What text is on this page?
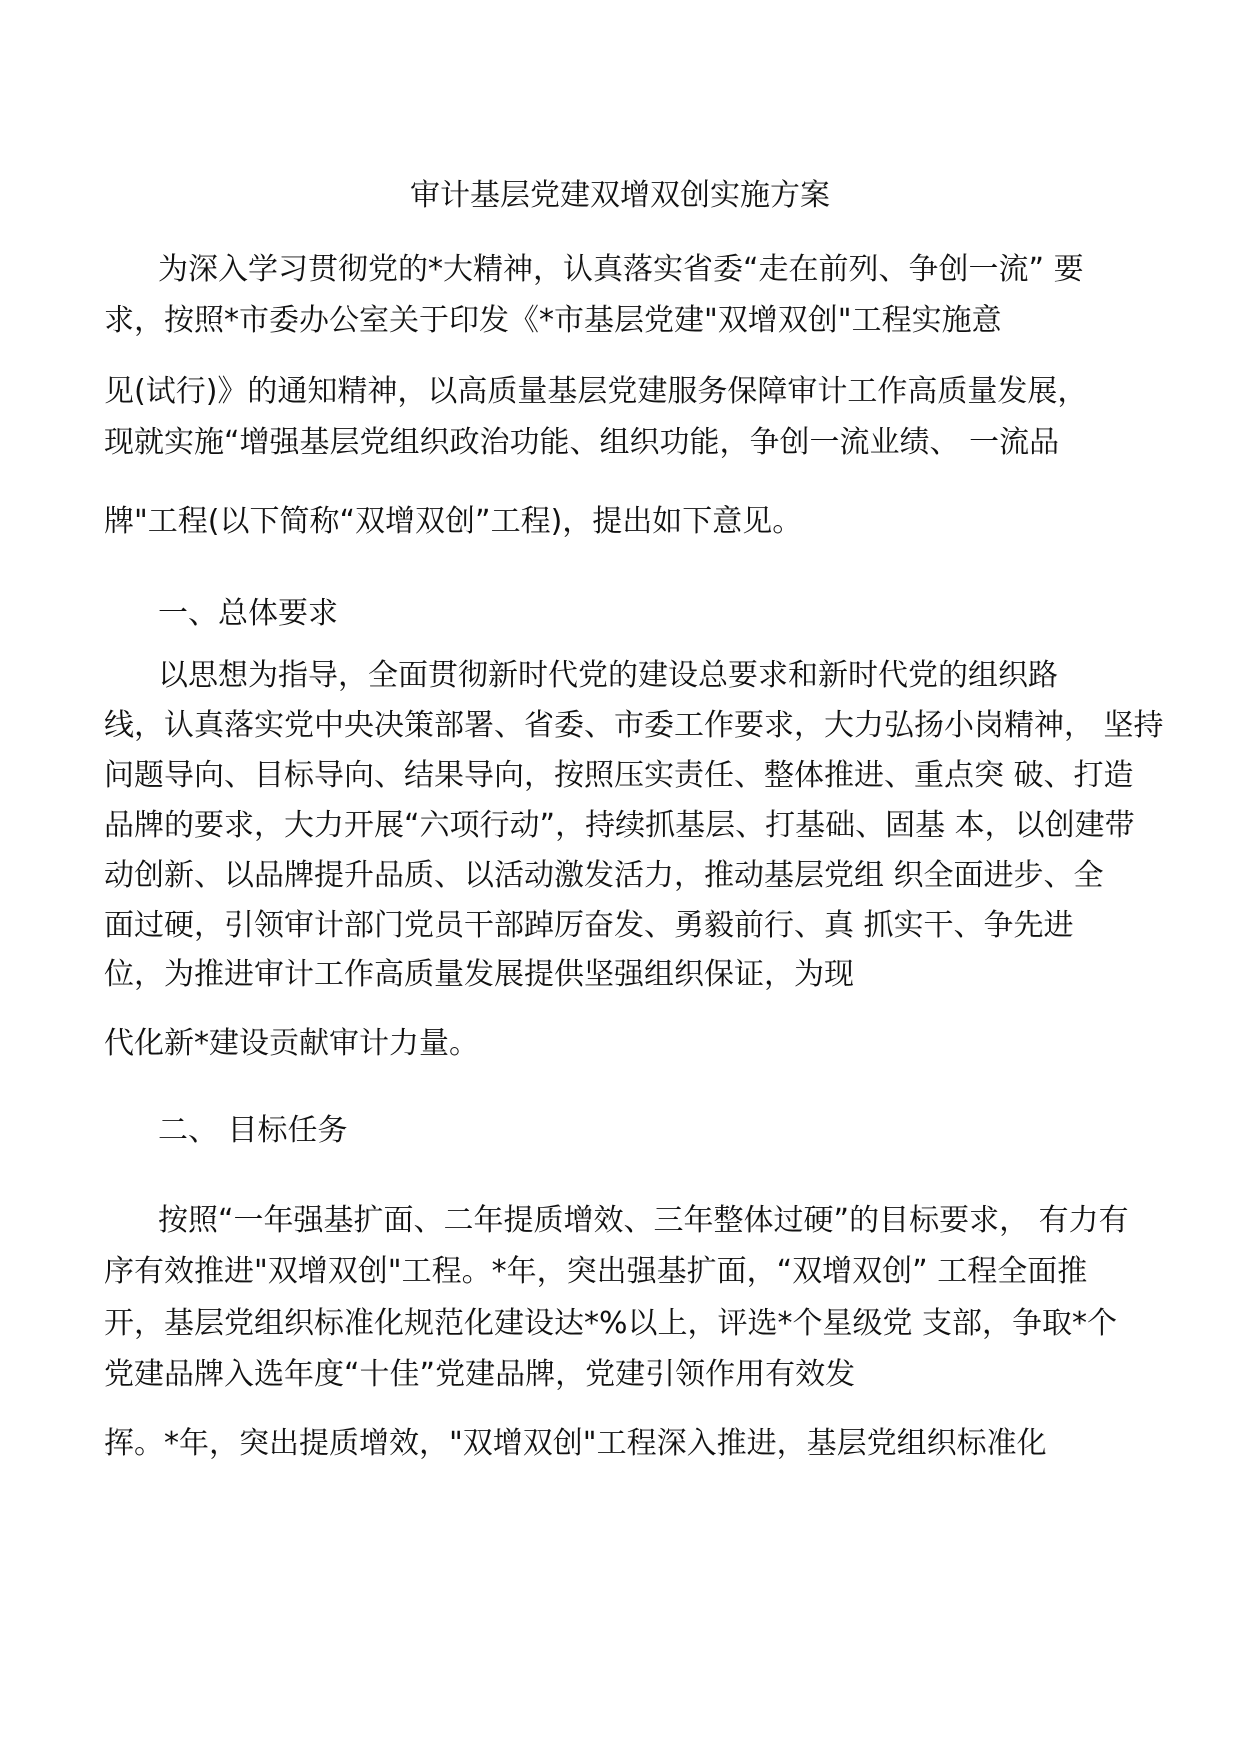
审计基层党建双增双创实施方案
为深入学习贯彻党的*大精神，认真落实省委“走在前列、争创一流” 要
求，按照*市委办公室关于印发《*市基层党建"双增双创"工程实施意
见(试行)》的通知精神，以高质量基层党建服务保障审计工作高质量发展，
现就实施“增强基层党组织政治功能、组织功能，争创一流业绩、 一流品
牌"工程(以下简称“双增双创”工程)，提出如下意见。
一、总体要求
以思想为指导，全面贯彻新时代党的建设总要求和新时代党的组织路
线，认真落实党中央决策部署、省委、市委工作要求，大力弘扬小岗精神， 坚持
问题导向、目标导向、结果导向，按照压实责任、整体推进、重点突 破、打造
品牌的要求，大力开展“六项行动”，持续抓基层、打基础、固基 本，以创建带
动创新、以品牌提升品质、以活动激发活力，推动基层党组 织全面进步、全
面过硬，引领审计部门党员干部踔厉奋发、勇毅前行、真 抓实干、争先进
位，为推进审计工作高质量发展提供坚强组织保证，为现
代化新*建设贡献审计力量。
二、 目标任务
按照“一年强基扩面、二年提质增效、三年整体过硬”的目标要求， 有力有
序有效推进"双增双创"工程。*年，突出强基扩面，“双增双创” 工程全面推
开，基层党组织标准化规范化建设达*%以上，评选*个星级党 支部，争取*个
党建品牌入选年度“十佳”党建品牌，党建引领作用有效发
挥。*年，突出提质增效，"双增双创"工程深入推进，基层党组织标准化
